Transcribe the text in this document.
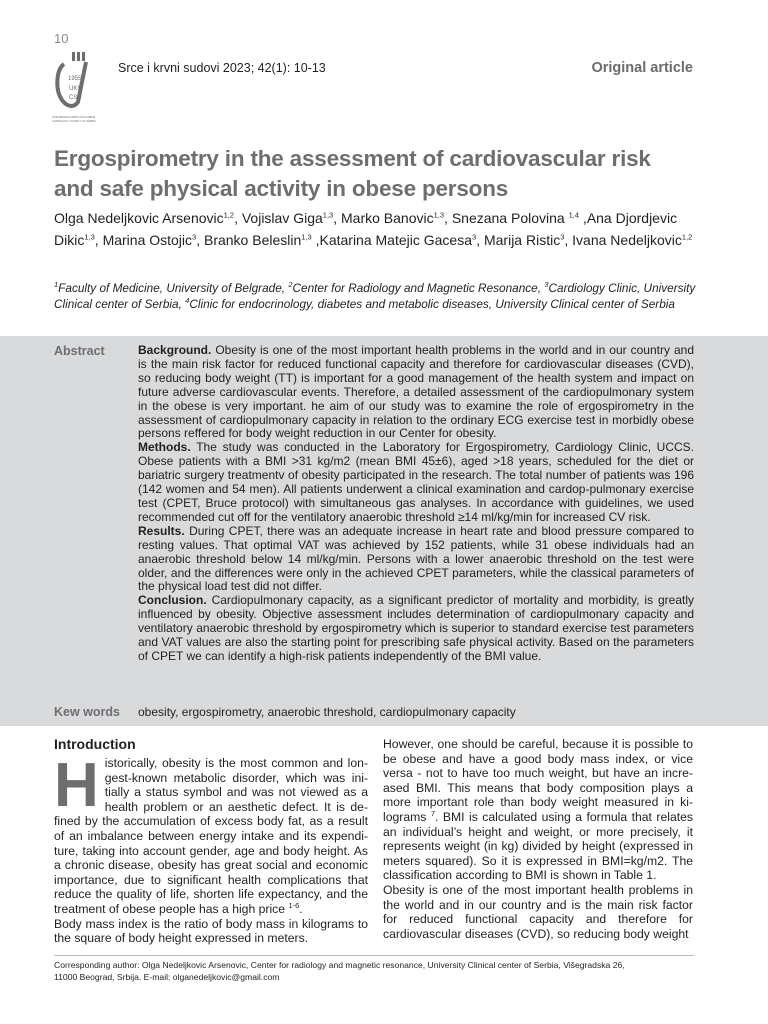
10
1955
UKS
CSS
UDRUŽENJE KARDIOLOGA SRBIJE
CARDIOLOGY SOCIETY OF SERBIA
Srce i krvni sudovi 2023; 42(1): 10-13	Original article
Ergospirometry in the assessment of cardiovascular risk
and safe physical activity in obese persons
Olga Nedeljkovic Arsenovic$^{1,2}$, Vojislav Giga$^{1,3}$, Marko Banovic$^{1,3}$, Snezana Polovina $^{1,4}$ ,Ana Djordjevic Dikic$^{1,3}$, Marina Ostojic$^3$, Branko Beleslin$^{1,3}$ ,Katarina Matejic Gacesa$^3$, Marija Ristic$^3$, Ivana Nedeljkovic$^{1,2}$
$^1$Faculty of Medicine, University of Belgrade, $^2$Center for Radiology and Magnetic Resonance, $^3$Cardiology Clinic, University Clinical center of Serbia, $^4$Clinic for endocrinology, diabetes and metabolic diseases, University Clinical center of Serbia
Abstract	Background. Obesity is one of the most important health problems in the world and in our country and is the main risk factor for reduced functional capacity and therefore for cardiovascular diseases (CVD), so reducing body weight (TT) is important for a good management of the health system and impact on future adverse cardiovascular events. Therefore, a detailed assessment of the cardiopulmonary system in the obese is very important. he aim of our study was to examine the role of ergospirometry in the assessment of cardiopulmonary capacity in relation to the ordinary ECG exercise test in morbidly obese persons reffered for body weight reduction in our Center for obesity.

Methods. The study was conducted in the Laboratory for Ergospirometry, Cardiology Clinic, UCCS. Obese patients with a BMI >31 kg/m2 (mean BMI 45±6), aged >18 years, scheduled for the diet or bariatric surgery treatmentv of obesity participated in the research. The total number of patients was 196 (142 women and 54 men). All patients underwent a clinical examination and cardop-pulmonary exercise test (CPET, Bruce protocol) with simultaneous gas analyses. In accordance with guidelines, we used recommended cut off for the ventilatory anaerobic threshold ≥14 ml/kg/min for increased CV risk.

Results. During CPET, there was an adequate increase in heart rate and blood pressure compared to resting values. That optimal VAT was achieved by 152 patients, while 31 obese individuals had an anaerobic threshold below 14 ml/kg/min. Persons with a lower anaerobic threshold on the test were older, and the differences were only in the achieved CPET parameters, while the classical parameters of the physical load test did not differ.

Conclusion. Cardiopulmonary capacity, as a significant predictor of mortality and morbidity, is greatly influenced by obesity. Objective assessment includes determination of cardiopulmonary capacity and ventilatory anaerobic threshold by ergospirometry which is superior to standard exercise test parameters and VAT values are also the starting point for prescribing safe physical activity. Based on the parameters of CPET we can identify a high-risk patients independently of the BMI value.

Kew words obesity, ergospirometry, anaerobic threshold, cardiopulmonary capacity
Introduction

Historically, obesity is the most common and longest-known metabolic disorder, which was initially a status symbol and was not viewed as a health problem or an aesthetic defect. It is defined by the accumulation of excess body fat, as a result of an imbalance between energy intake and its expenditure, taking into account gender, age and body height. As a chronic disease, obesity has great social and economic importance, due to significant health complications that reduce the quality of life, shorten life expectancy, and the treatment of obese people has a high price $^{1-6}$.

Body mass index is the ratio of body mass in kilograms to the square of body height expressed in meters.

However, one should be careful, because it is possible to be obese and have a good body mass index, or vice versa - not to have too much weight, but have an increased BMI. This means that body composition plays a more important role than body weight measured in kilograms $^7$. BMI is calculated using a formula that relates an individual’s height and weight, or more precisely, it represents weight (in kg) divided by height (expressed in meters squared). So it is expressed in BMI=kg/m2. The classification according to BMI is shown in Table 1.

Obesity is one of the most important health problems in the world and in our country and is the main risk factor for reduced functional capacity and therefore for cardiovascular diseases (CVD), so reducing body weight

Corresponding author: Olga Nedeljkovic Arsenovic, Center for radiology and magnetic resonance, University Clinical center of Serbia, Višegradska 26,
11000 Beograd, Srbija. E-mail: olganedeljkovic@gmail.com
